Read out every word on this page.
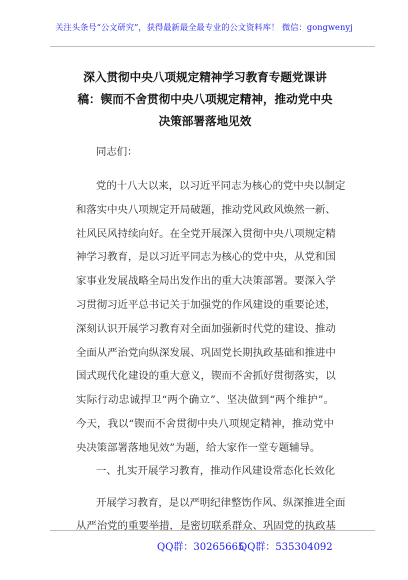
关注头条号“公文研究”，获得最新最全最专业的公文资料库！ 微信：gongwenyj
深入贯彻中央八项规定精神学习教育专题党课讲稿：锲而不舍贯彻中央八项规定精神，推动党中央决策部署落地见效
同志们：
党的十八大以来，以习近平同志为核心的党中央以制定
和落实中央八项规定开局破题，推动党风政风焕然一新、
社风民风持续向好。在全党开展深入贯彻中央八项规定精
神学习教育，是以习近平同志为核心的党中央，从党和国
家事业发展战略全局出发作出的重大决策部署。要深入学
习贯彻习近平总书记关于加强党的作风建设的重要论述，
深刻认识开展学习教育对全面加强新时代党的建设、推动
全面从严治党向纵深发展、巩固党长期执政基础和推进中
国式现代化建设的重大意义，锲而不舍抓好贯彻落实，以
实际行动忠诚捍卫“两个确立”、坚决做到“两个维护”。
今天，我以“锲而不舍贯彻中央八项规定精神，推动党中
央决策部署落地见效”为题，给大家作一堂专题辅导。
一、扎实开展学习教育，推动作风建设常态化长效化
开展学习教育，是以严明纪律整饬作风、纵深推进全面
从严治党的重要举措，是密切联系群众、巩固党的执政基
QQ群：30265665
QQ群：535304092
